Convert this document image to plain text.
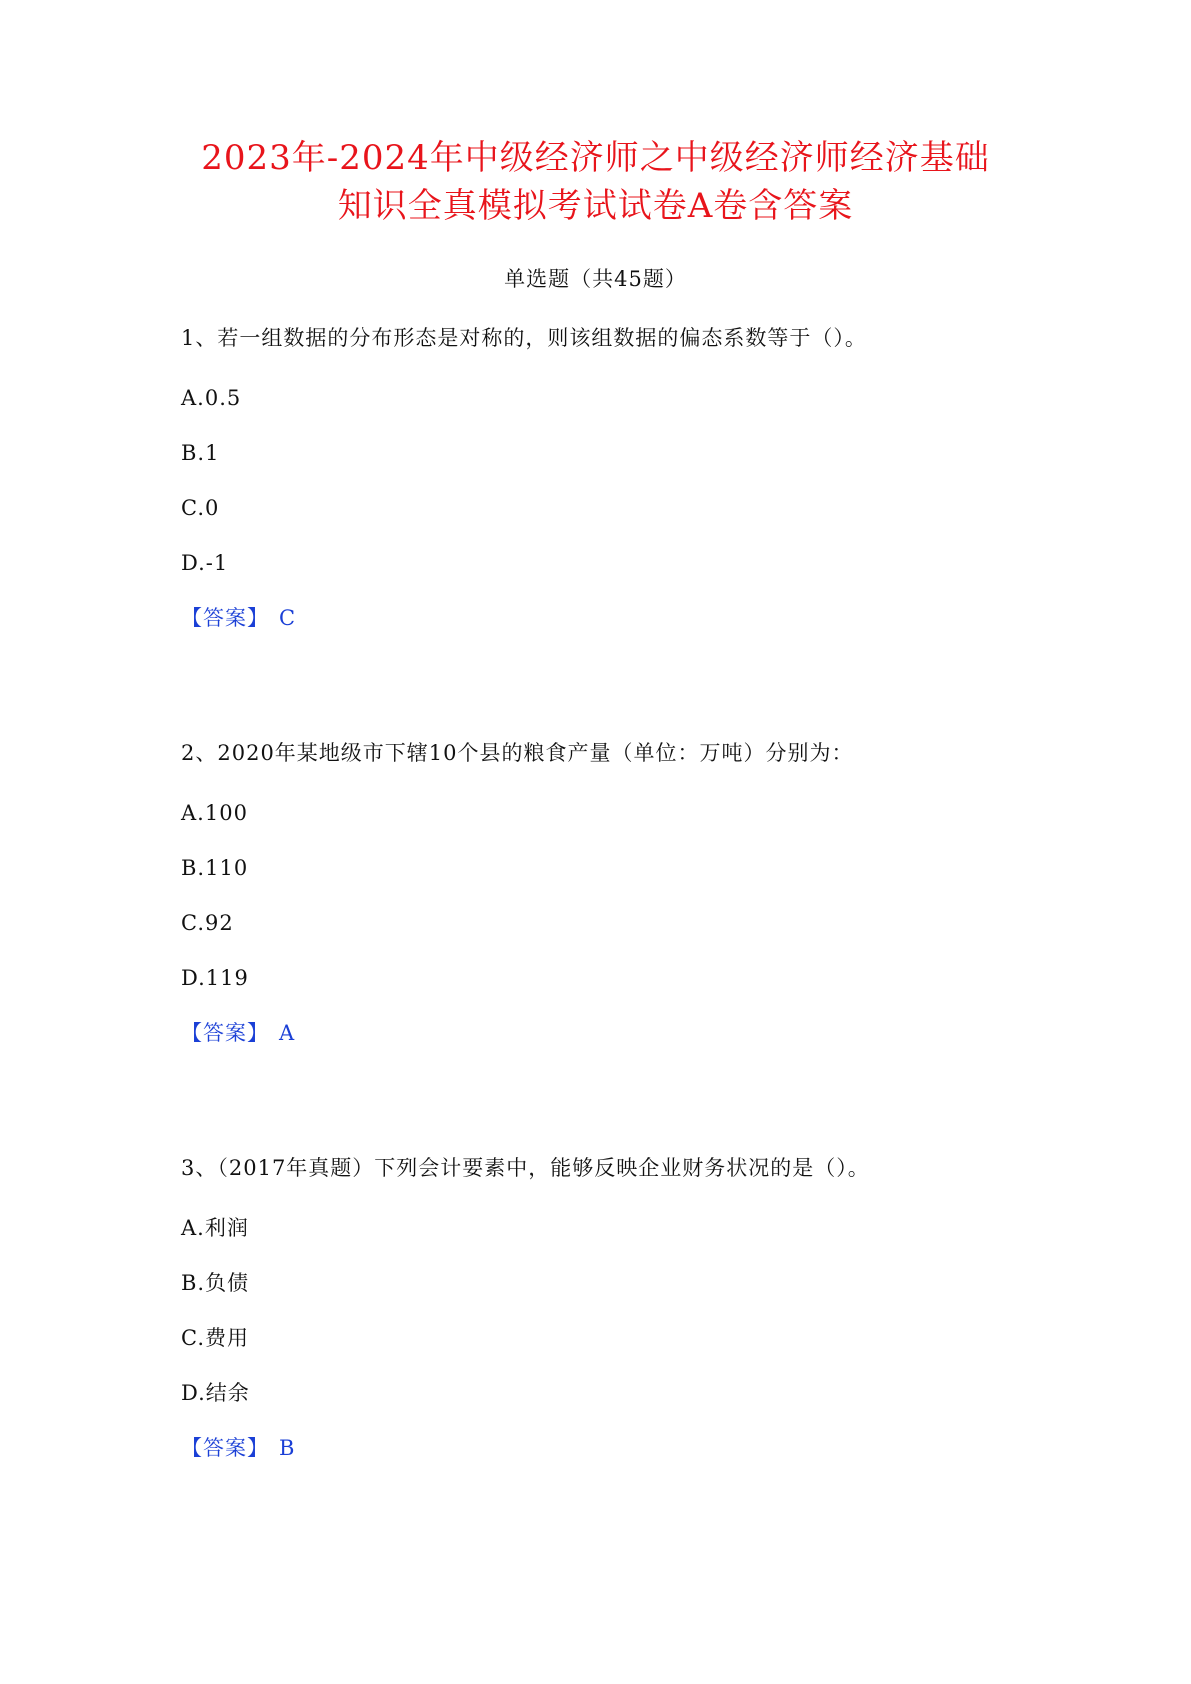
2023年-2024年中级经济师之中级经济师经济基础
知识全真模拟考试试卷A卷含答案
单选题（共45题）
1、若一组数据的分布形态是对称的，则该组数据的偏态系数等于（）。
A.0.5
B.1
C.0
D.-1
【答案】 C
2、2020年某地级市下辖10个县的粮食产量（单位：万吨）分别为：
A.100
B.110
C.92
D.119
【答案】 A
3、（2017年真题）下列会计要素中，能够反映企业财务状况的是（）。
A.利润
B.负债
C.费用
D.结余
【答案】 B
